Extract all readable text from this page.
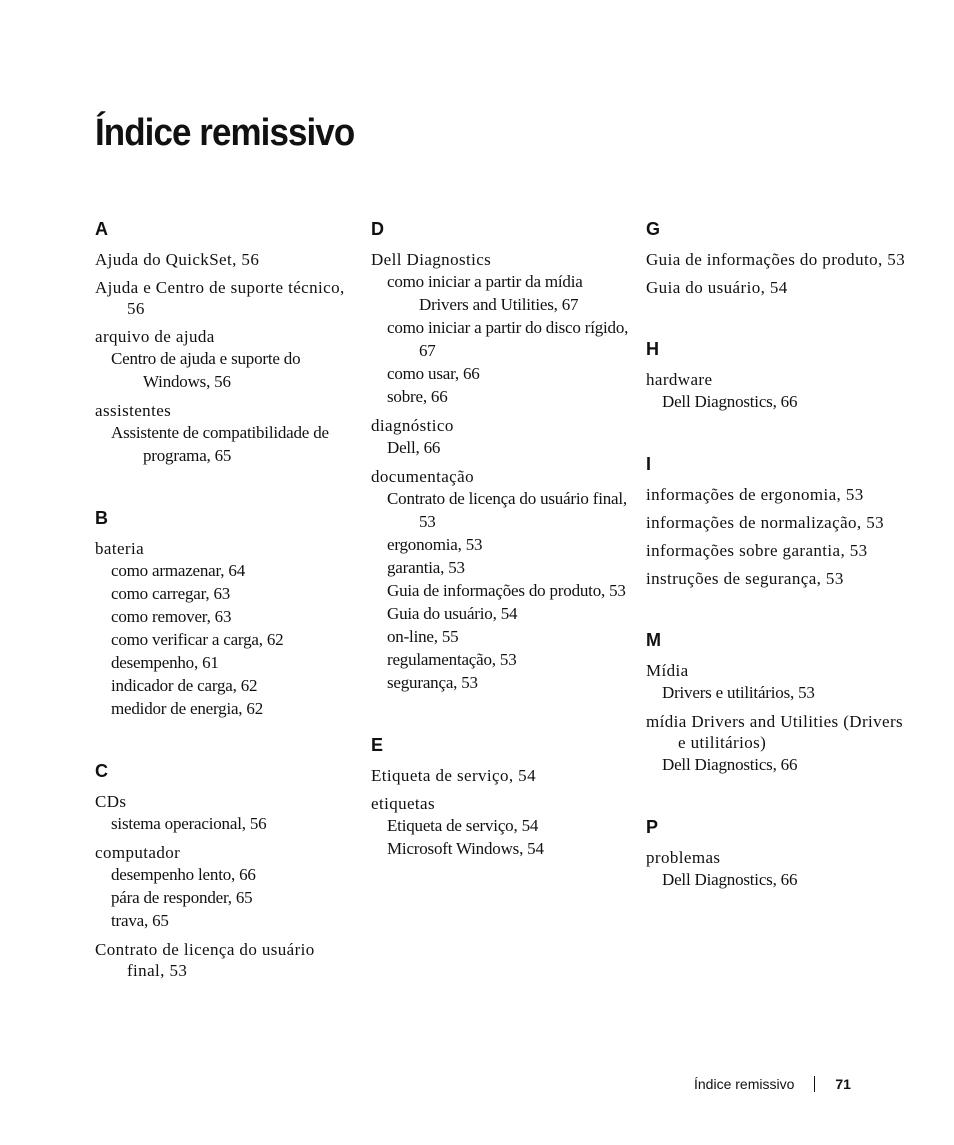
Índice remissivo
A
Ajuda do QuickSet, 56
Ajuda e Centro de suporte técnico, 56
arquivo de ajuda
Centro de ajuda e suporte do Windows, 56
assistentes
Assistente de compatibilidade de programa, 65
B
bateria
como armazenar, 64
como carregar, 63
como remover, 63
como verificar a carga, 62
desempenho, 61
indicador de carga, 62
medidor de energia, 62
C
CDs
sistema operacional, 56
computador
desempenho lento, 66
pára de responder, 65
trava, 65
Contrato de licença do usuário final, 53
D
Dell Diagnostics
como iniciar a partir da mídia Drivers and Utilities, 67
como iniciar a partir do disco rígido, 67
como usar, 66
sobre, 66
diagnóstico
Dell, 66
documentação
Contrato de licença do usuário final, 53
ergonomia, 53
garantia, 53
Guia de informações do produto, 53
Guia do usuário, 54
on-line, 55
regulamentação, 53
segurança, 53
E
Etiqueta de serviço, 54
etiquetas
Etiqueta de serviço, 54
Microsoft Windows, 54
G
Guia de informações do produto, 53
Guia do usuário, 54
H
hardware
Dell Diagnostics, 66
I
informações de ergonomia, 53
informações de normalização, 53
informações sobre garantia, 53
instruções de segurança, 53
M
Mídia
Drivers e utilitários, 53
mídia Drivers and Utilities (Drivers e utilitários)
Dell Diagnostics, 66
P
problemas
Dell Diagnostics, 66
Índice remissivo	71
